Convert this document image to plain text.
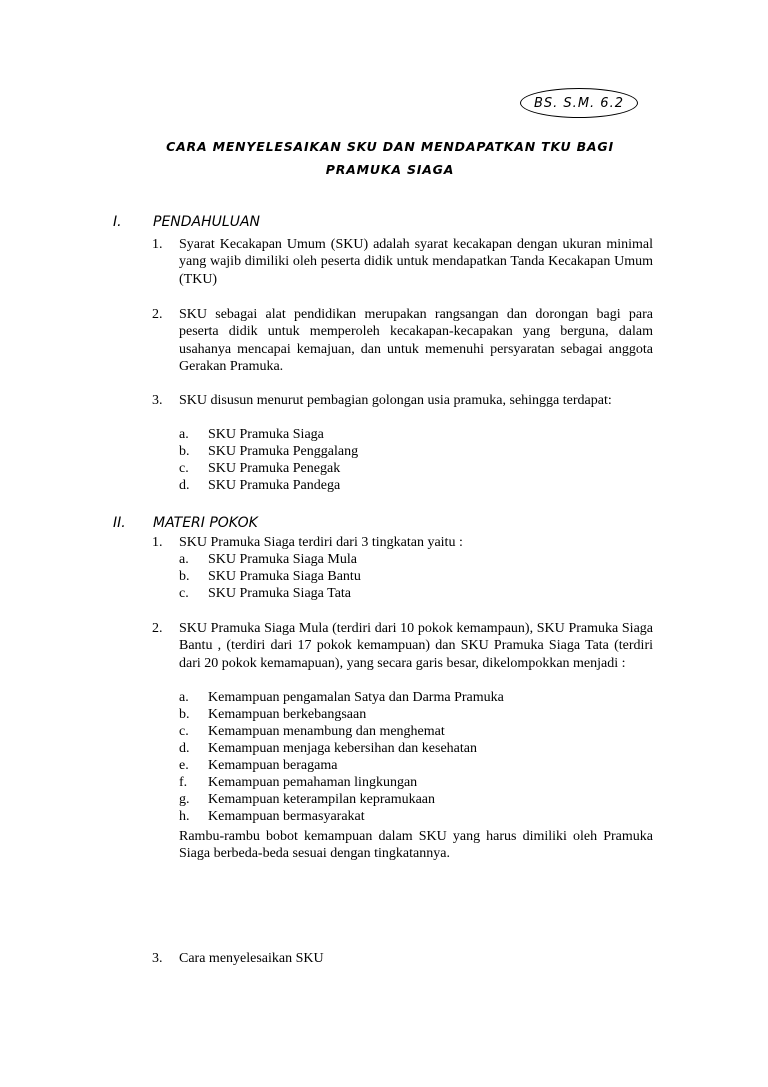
BS. S.M. 6.2
CARA MENYELESAIKAN SKU DAN MENDAPATKAN TKU BAGI
PRAMUKA SIAGA
I. PENDAHULUAN
1. Syarat Kecakapan Umum (SKU) adalah syarat kecakapan dengan ukuran minimal yang wajib dimiliki oleh peserta didik untuk mendapatkan Tanda Kecakapan Umum (TKU)
2. SKU sebagai alat pendidikan merupakan rangsangan dan dorongan bagi para peserta didik untuk memperoleh kecakapan-kecapakan yang berguna, dalam usahanya mencapai kemajuan, dan untuk memenuhi persyaratan sebagai anggota Gerakan Pramuka.
3. SKU disusun menurut pembagian golongan usia pramuka, sehingga terdapat:
a. SKU Pramuka Siaga
b. SKU Pramuka Penggalang
c. SKU Pramuka Penegak
d. SKU Pramuka Pandega
II. MATERI POKOK
1. SKU Pramuka Siaga terdiri dari 3 tingkatan yaitu :
a. SKU Pramuka Siaga Mula
b. SKU Pramuka Siaga Bantu
c. SKU Pramuka Siaga Tata
2. SKU Pramuka Siaga Mula (terdiri dari 10 pokok kemampaun), SKU Pramuka Siaga Bantu , (terdiri dari 17 pokok kemampuan) dan SKU Pramuka Siaga Tata (terdiri dari 20 pokok kemamapuan), yang secara garis besar, dikelompokkan menjadi :
a. Kemampuan pengamalan Satya dan Darma Pramuka
b. Kemampuan berkebangsaan
c. Kemampuan menambung dan menghemat
d. Kemampuan menjaga kebersihan dan kesehatan
e. Kemampuan beragama
f. Kemampuan pemahaman lingkungan
g. Kemampuan keterampilan kepramukaan
h. Kemampuan bermasyarakat
Rambu-rambu bobot kemampuan dalam SKU yang harus dimiliki oleh Pramuka Siaga berbeda-beda sesuai dengan tingkatannya.
3. Cara menyelesaikan SKU
